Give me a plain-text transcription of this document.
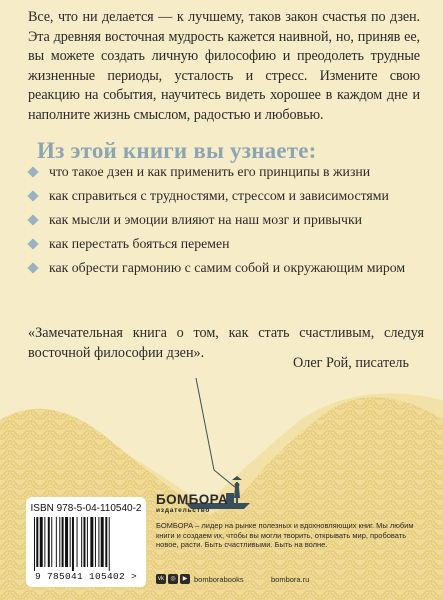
Все, что ни делается — к лучшему, таков закон счастья по дзен. Эта древняя восточная мудрость кажется наивной, но, приняв ее, вы можете создать личную философию и преодолеть трудные жизненные периоды, усталость и стресс. Измените свою реакцию на события, научитесь видеть хорошее в каждом дне и наполните жизнь смыслом, радостью и любовью.

Из этой книги вы узнаете:
что такое дзен и как применить его принципы в жизни
как справиться с трудностями, стрессом и зависимостями
как мысли и эмоции влияют на наш мозг и привычки
как перестать бояться перемен
как обрести гармонию с самим собой и окружающим миром

«Замечательная книга о том, как стать счастливым, следуя восточной философии дзен».

Олег Рой, писатель

ISBN 978-5-04-110540-2
9 785041 105402 >

БОМБОРА

издательство

БОМБОРА – лидер на рынке полезных и вдохновляющих книг. Мы любим книги и создаем их, чтобы вы могли творить, открывать мир, пробовать новое, расти. Быть счастливыми. Быть на волне.

vk	◎	▶ bomborabooks	bombora.ru
